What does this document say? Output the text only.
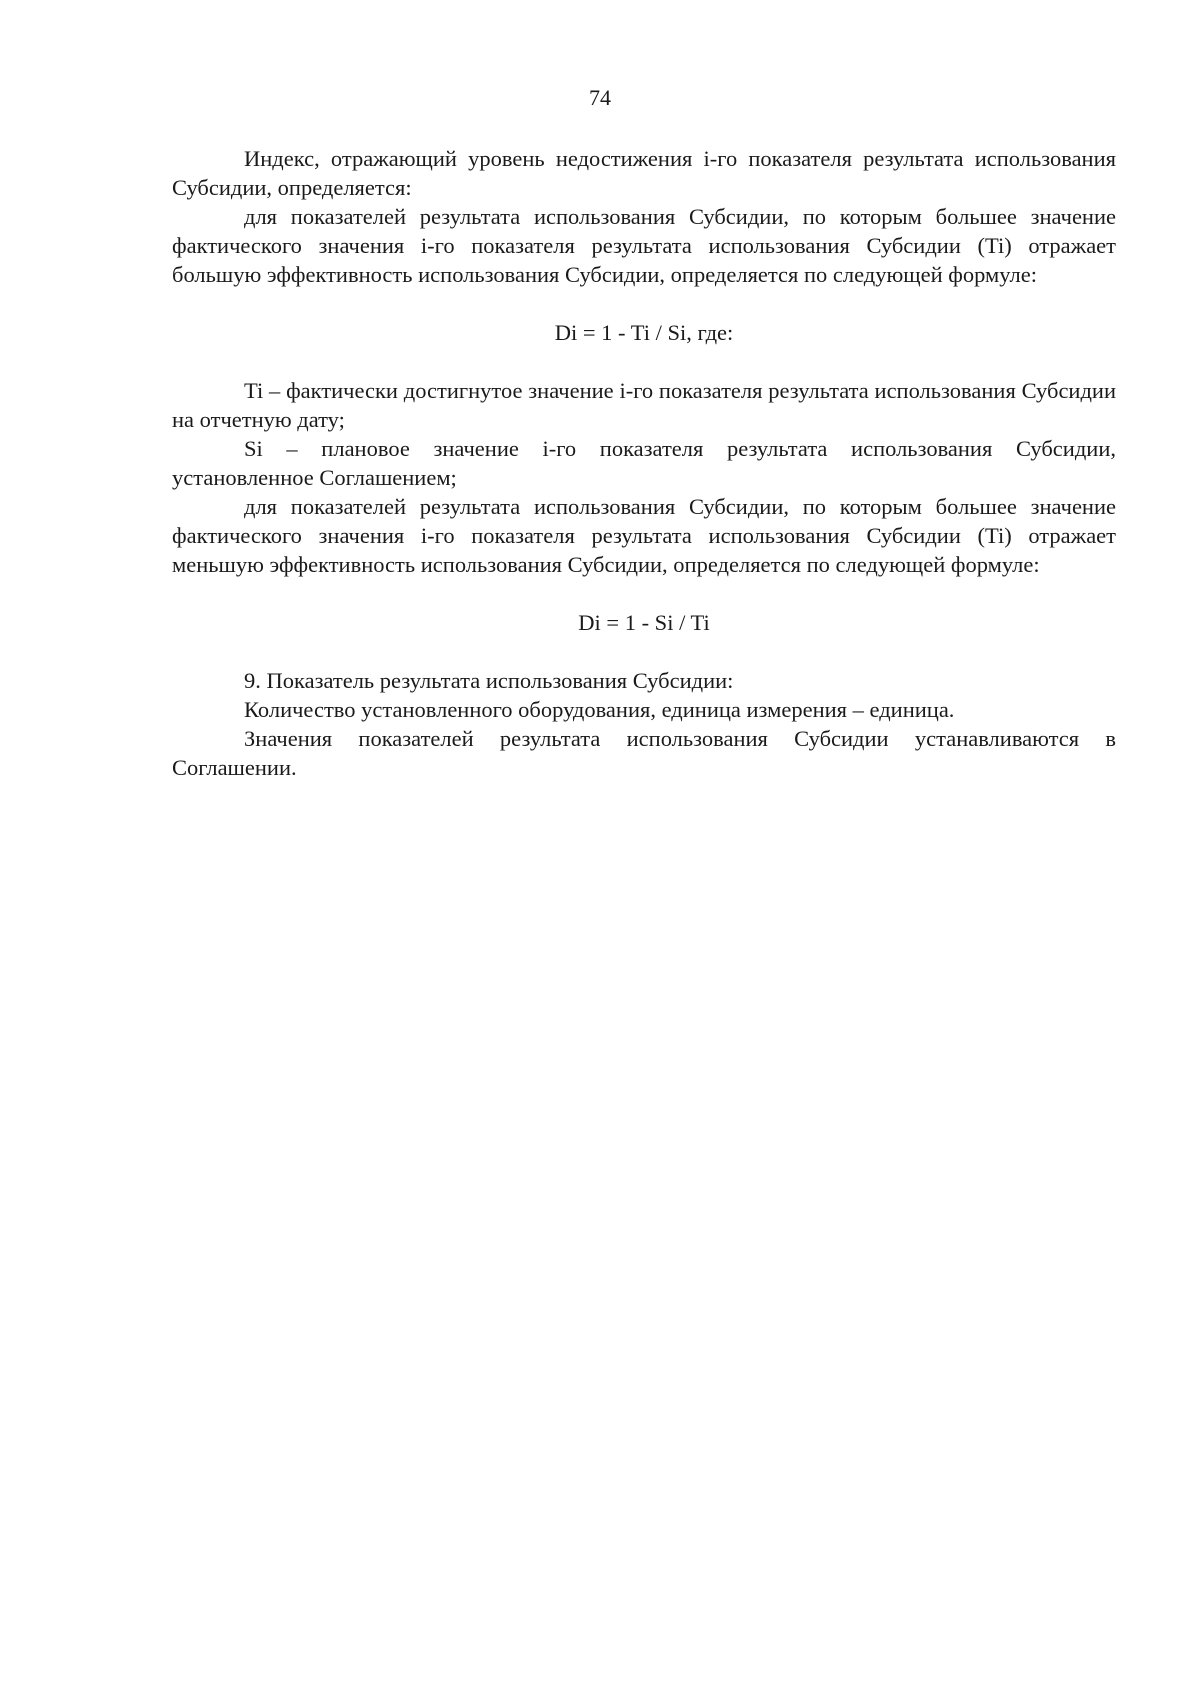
74

Индекс, отражающий уровень недостижения i-го показателя результата использования Субсидии, определяется:

для показателей результата использования Субсидии, по которым большее значение фактического значения i-го показателя результата использования Субсидии (Ti) отражает большую эффективность использования Субсидии, определяется по следующей формуле:

Di = 1 - Ti / Si, где:

Ti – фактически достигнутое значение i-го показателя результата использования Субсидии на отчетную дату;

Si – плановое значение i-го показателя результата использования Субсидии, установленное Соглашением;

для показателей результата использования Субсидии, по которым большее значение фактического значения i-го показателя результата использования Субсидии (Ti) отражает меньшую эффективность использования Субсидии, определяется по следующей формуле:

Di = 1 - Si / Ti

9. Показатель результата использования Субсидии:

Количество установленного оборудования, единица измерения – единица.

Значения показателей результата использования Субсидии устанавливаются в Соглашении.
